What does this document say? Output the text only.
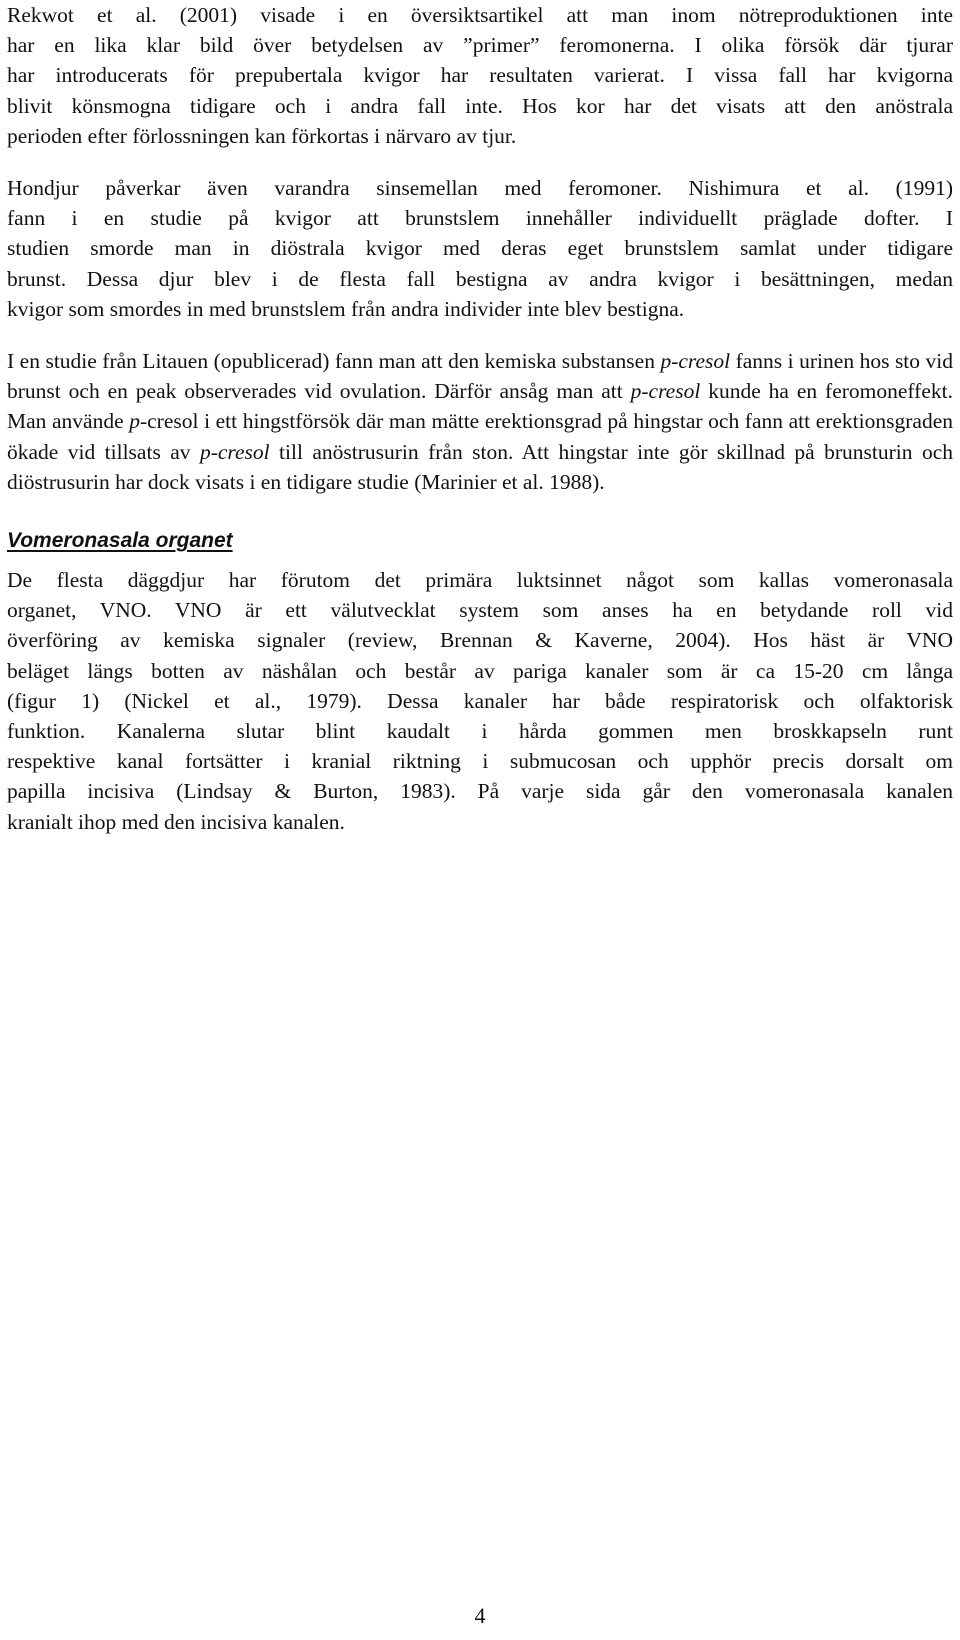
Rekwot et al. (2001) visade i en översiktsartikel att man inom nötreproduktionen inte
har en lika klar bild över betydelsen av ”primer” feromonerna. I olika försök där tjurar
har introducerats för prepubertala kvigor har resultaten varierat. I vissa fall har kvigorna
blivit könsmogna tidigare och i andra fall inte. Hos kor har det visats att den anöstrala
perioden efter förlossningen kan förkortas i närvaro av tjur.

Hondjur påverkar även varandra sinsemellan med feromoner. Nishimura et al. (1991)
fann i en studie på kvigor att brunstslem innehåller individuellt präglade dofter. I
studien smorde man in diöstrala kvigor med deras eget brunstslem samlat under tidigare
brunst. Dessa djur blev i de flesta fall bestigna av andra kvigor i besättningen, medan
kvigor som smordes in med brunstslem från andra individer inte blev bestigna.

I en studie från Litauen (opublicerad) fann man att den kemiska substansen p-cresol fanns i urinen hos sto vid brunst och en peak observerades vid ovulation. Därför ansåg man att p-cresol kunde ha en feromoneffekt. Man använde p-cresol i ett hingstförsök där man mätte erektionsgrad på hingstar och fann att erektionsgraden ökade vid tillsats av p-cresol till anöstrusurin från ston. Att hingstar inte gör skillnad på brunsturin och diöstrusurin har dock visats i en tidigare studie (Marinier et al. 1988).

Vomeronasala organet

De flesta däggdjur har förutom det primära luktsinnet något som kallas vomeronasala
organet, VNO. VNO är ett välutvecklat system som anses ha en betydande roll vid
överföring av kemiska signaler (review, Brennan & Kaverne, 2004). Hos häst är VNO
beläget längs botten av näshålan och består av pariga kanaler som är ca 15-20 cm långa
(figur 1) (Nickel et al., 1979). Dessa kanaler har både respiratorisk och olfaktorisk
funktion. Kanalerna slutar blint kaudalt i hårda gommen men broskkapseln runt
respektive kanal fortsätter i kranial riktning i submucosan och upphör precis dorsalt om
papilla incisiva (Lindsay & Burton, 1983). På varje sida går den vomeronasala kanalen
kranialt ihop med den incisiva kanalen.

4
